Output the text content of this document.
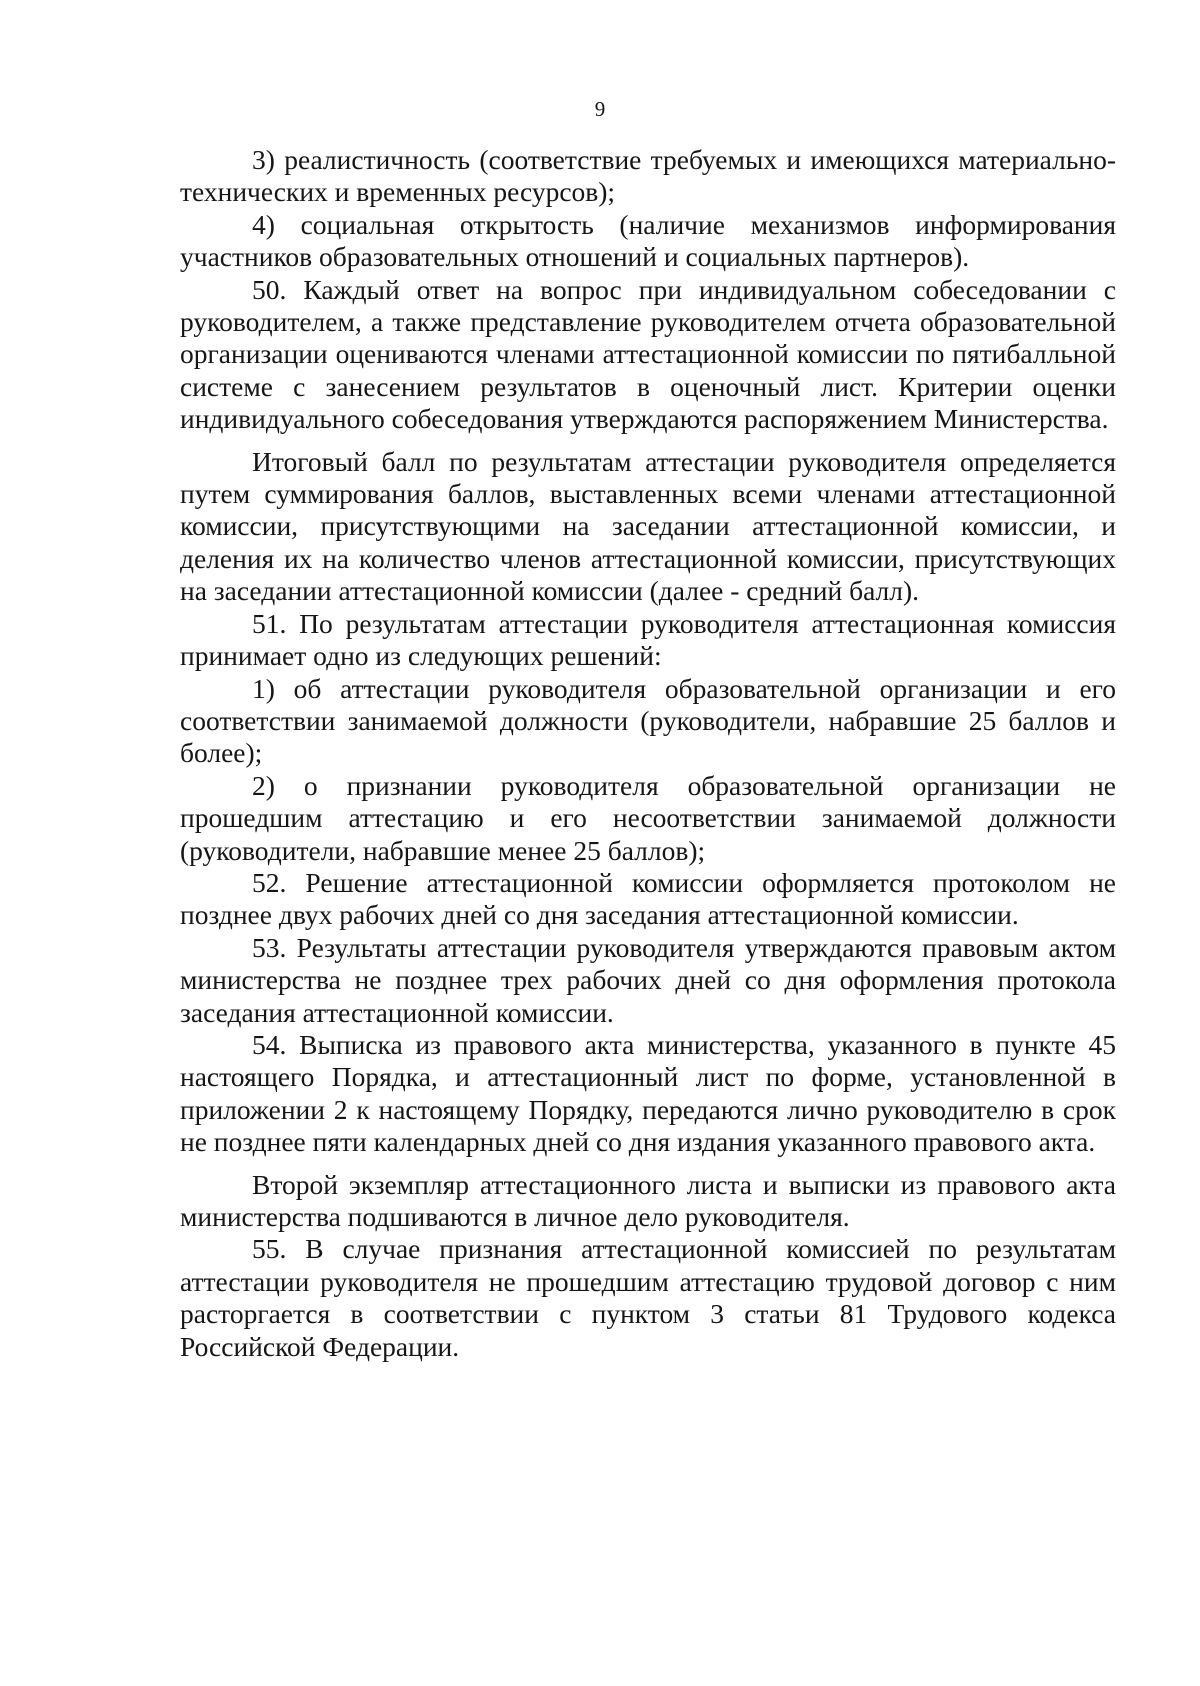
9

3) реалистичность (соответствие требуемых и имеющихся материально-технических и временных ресурсов);

4) социальная открытость (наличие механизмов информирования участников образовательных отношений и социальных партнеров).

50. Каждый ответ на вопрос при индивидуальном собеседовании с руководителем, а также представление руководителем отчета образовательной организации оцениваются членами аттестационной комиссии по пятибалльной системе с занесением результатов в оценочный лист. Критерии оценки индивидуального собеседования утверждаются распоряжением Министерства.

Итоговый балл по результатам аттестации руководителя определяется путем суммирования баллов, выставленных всеми членами аттестационной комиссии, присутствующими на заседании аттестационной комиссии, и деления их на количество членов аттестационной комиссии, присутствующих на заседании аттестационной комиссии (далее - средний балл).

51. По результатам аттестации руководителя аттестационная комиссия принимает одно из следующих решений:

1) об аттестации руководителя образовательной организации и его соответствии занимаемой должности (руководители, набравшие 25 баллов и более);

2) о признании руководителя образовательной организации не прошедшим аттестацию и его несоответствии занимаемой должности (руководители, набравшие менее 25 баллов);

52. Решение аттестационной комиссии оформляется протоколом не позднее двух рабочих дней со дня заседания аттестационной комиссии.

53. Результаты аттестации руководителя утверждаются правовым актом министерства не позднее трех рабочих дней со дня оформления протокола заседания аттестационной комиссии.

54. Выписка из правового акта министерства, указанного в пункте 45 настоящего Порядка, и аттестационный лист по форме, установленной в приложении 2 к настоящему Порядку, передаются лично руководителю в срок не позднее пяти календарных дней со дня издания указанного правового акта.

Второй экземпляр аттестационного листа и выписки из правового акта министерства подшиваются в личное дело руководителя.

55. В случае признания аттестационной комиссией по результатам аттестации руководителя не прошедшим аттестацию трудовой договор с ним расторгается в соответствии с пунктом 3 статьи 81 Трудового кодекса Российской Федерации.
